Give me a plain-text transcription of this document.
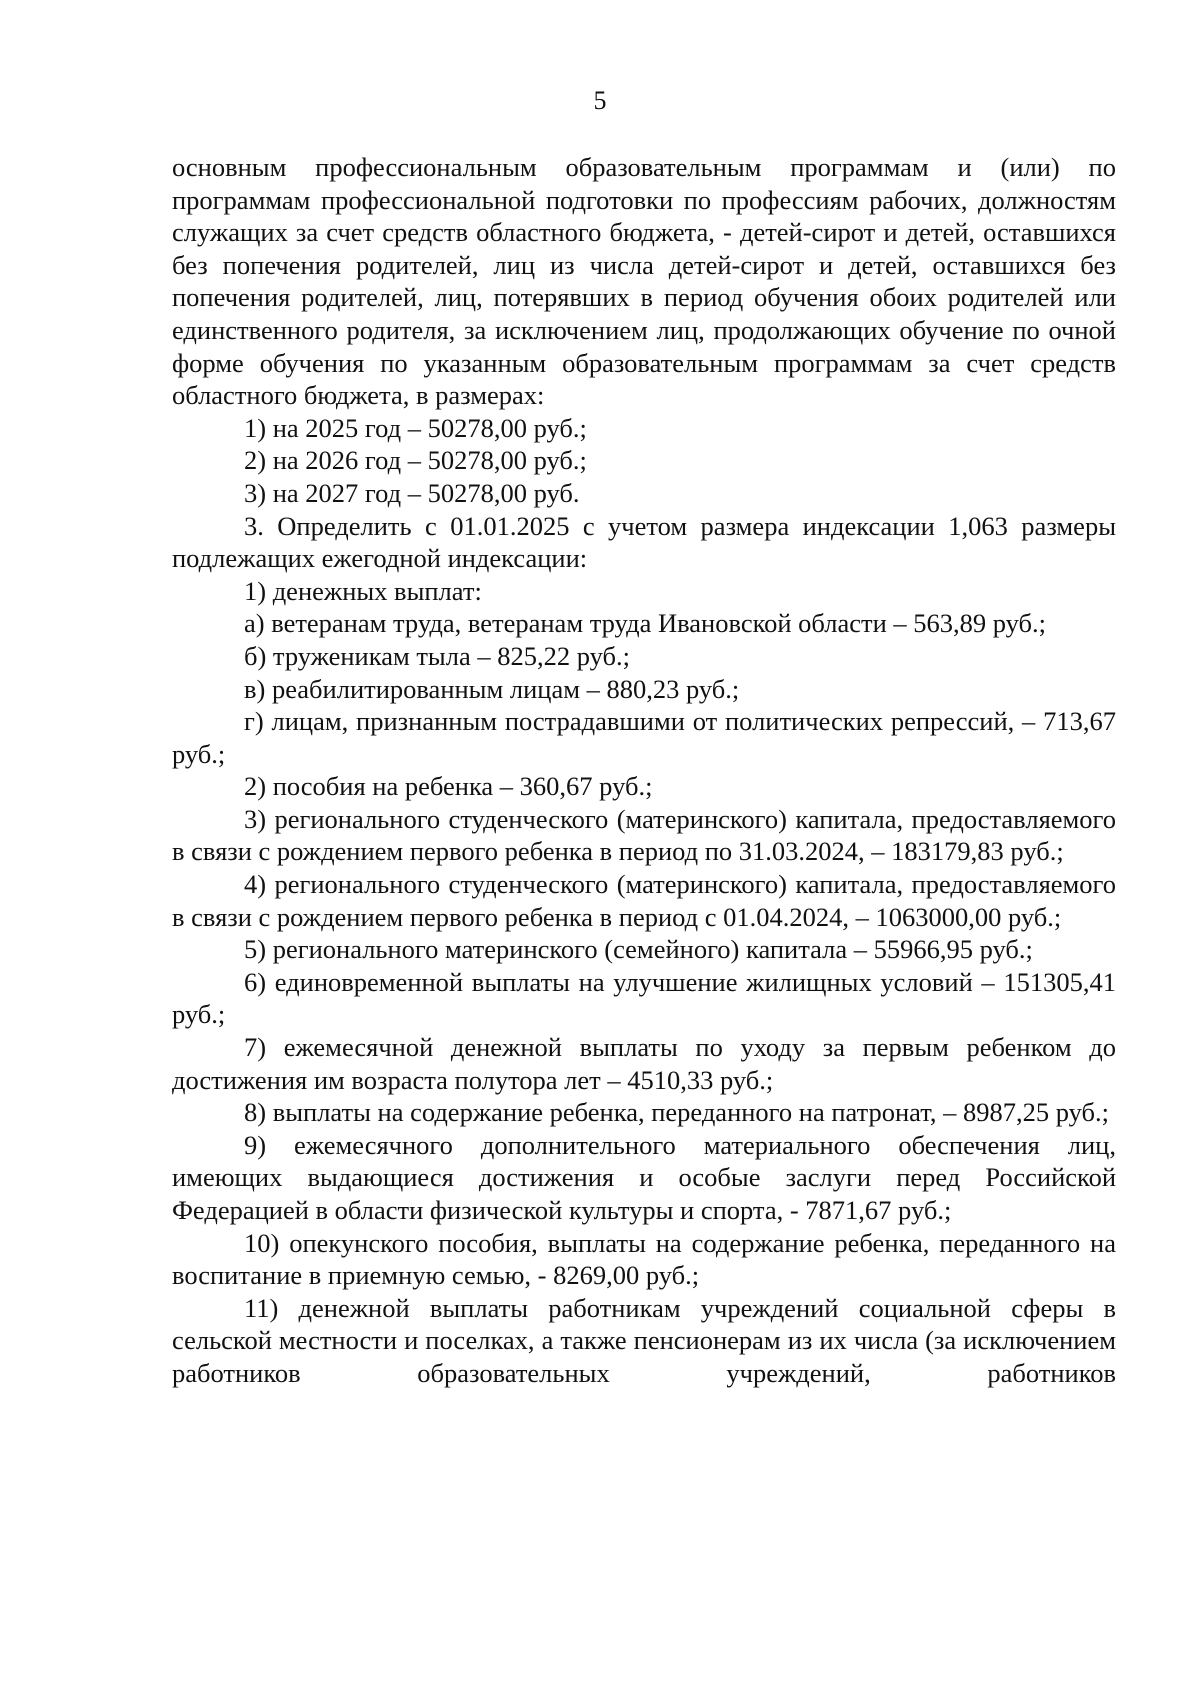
5

основным профессиональным образовательным программам и (или) по программам профессиональной подготовки по профессиям рабочих, должностям служащих за счет средств областного бюджета, - детей-сирот и детей, оставшихся без попечения родителей, лиц из числа детей-сирот и детей, оставшихся без попечения родителей, лиц, потерявших в период обучения обоих родителей или единственного родителя, за исключением лиц, продолжающих обучение по очной форме обучения по указанным образовательным программам за счет средств областного бюджета, в размерах:

1) на 2025 год – 50278,00 руб.;

2) на 2026 год – 50278,00 руб.;

3) на 2027 год – 50278,00 руб.

3. Определить с 01.01.2025 с учетом размера индексации 1,063 размеры подлежащих ежегодной индексации:

1) денежных выплат:

а) ветеранам труда, ветеранам труда Ивановской области – 563,89 руб.;

б) труженикам тыла – 825,22 руб.;

в) реабилитированным лицам – 880,23 руб.;

г) лицам, признанным пострадавшими от политических репрессий, – 713,67 руб.;

2) пособия на ребенка – 360,67 руб.;

3) регионального студенческого (материнского) капитала, предоставляемого в связи с рождением первого ребенка в период по 31.03.2024, – 183179,83 руб.;

4) регионального студенческого (материнского) капитала, предоставляемого в связи с рождением первого ребенка в период с 01.04.2024, – 1063000,00 руб.;

5) регионального материнского (семейного) капитала – 55966,95 руб.;

6) единовременной выплаты на улучшение жилищных условий – 151305,41 руб.;

7) ежемесячной денежной выплаты по уходу за первым ребенком до достижения им возраста полутора лет – 4510,33 руб.;

8) выплаты на содержание ребенка, переданного на патронат, – 8987,25 руб.;

9) ежемесячного дополнительного материального обеспечения лиц, имеющих выдающиеся достижения и особые заслуги перед Российской Федерацией в области физической культуры и спорта, - 7871,67 руб.;

10) опекунского пособия, выплаты на содержание ребенка, переданного на воспитание в приемную семью, - 8269,00 руб.;

11) денежной выплаты работникам учреждений социальной сферы в сельской местности и поселках, а также пенсионерам из их числа (за исключением работников образовательных учреждений, работников
